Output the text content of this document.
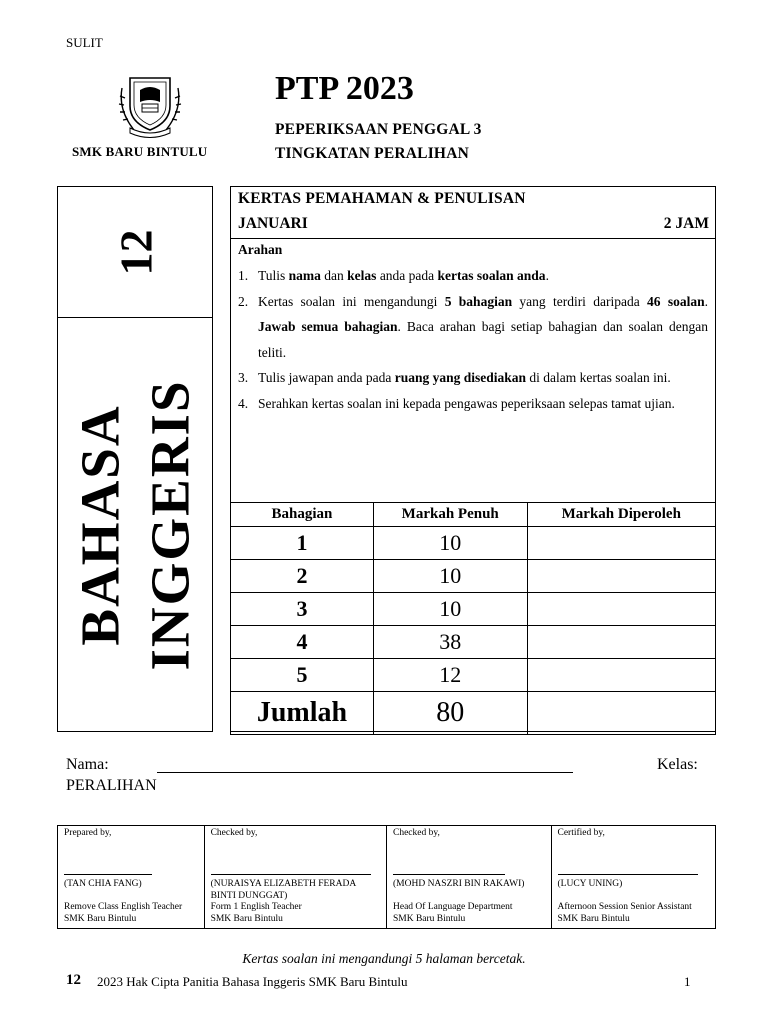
SULIT
SMK BARU BINTULU
PTP 2023
PEPERIKSAAN PENGGAL 3
TINGKATAN PERALIHAN
12
BAHASA INGGERIS
KERTAS PEMAHAMAN & PENULISAN
JANUARI	2 JAM
Arahan
1. Tulis nama dan kelas anda pada kertas soalan anda.
2. Kertas soalan ini mengandungi 5 bahagian yang terdiri daripada 46 soalan. Jawab semua bahagian. Baca arahan bagi setiap bahagian dan soalan dengan teliti.
3. Tulis jawapan anda pada ruang yang disediakan di dalam kertas soalan ini.
4. Serahkan kertas soalan ini kepada pengawas peperiksaan selepas tamat ujian.
Bahagian	Markah Penuh	Markah Diperoleh
1	10	
2	10	
3	10	
4	38	
5	12	
Jumlah	80	
Nama:	Kelas:
PERALIHAN
Prepared by,
(TAN CHIA FANG)
Remove Class English Teacher
SMK Baru Bintulu
Checked by,
(NURAISYA ELIZABETH FERADA
BINTI DUNGGAT)
Form 1 English Teacher
SMK Baru Bintulu
Checked by,
(MOHD NASZRI BIN RAKAWI)
Head Of Language Department
SMK Baru Bintulu
Certified by,
(LUCY UNING)
Afternoon Session Senior Assistant
SMK Baru Bintulu
Kertas soalan ini mengandungi 5 halaman bercetak.
12 2023 Hak Cipta Panitia Bahasa Inggeris SMK Baru Bintulu	1
